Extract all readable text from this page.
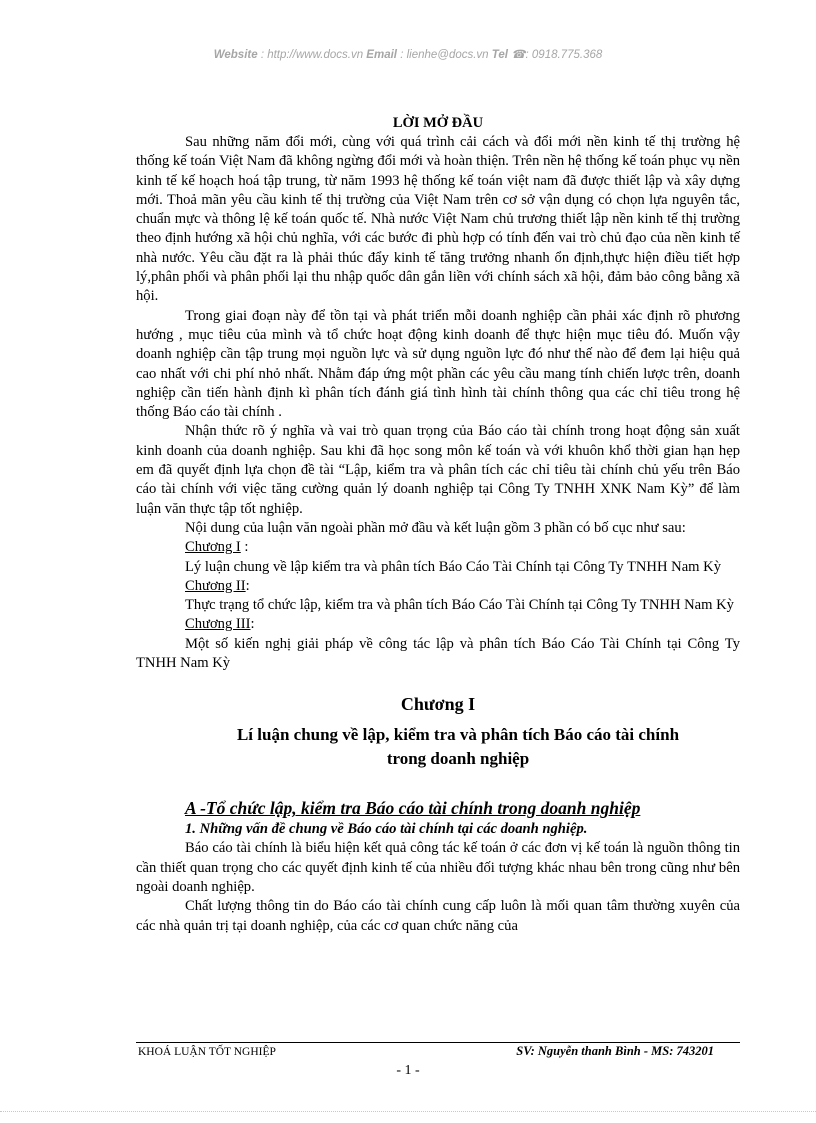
Website : http://www.docs.vn Email : lienhe@docs.vn Tel ☎: 0918.775.368

LỜI MỞ ĐẦU

Sau những năm đổi mới, cùng với quá trình cải cách và đổi mới nền kinh tế thị trường hệ thống kế toán Việt Nam đã không ngừng đổi mới và hoàn thiện. Trên nền hệ thống kế toán phục vụ nền kinh tế kế hoạch hoá tập trung, từ năm 1993 hệ thống kế toán việt nam đã được thiết lập và xây dựng mới. Thoả mãn yêu cầu kinh tế thị trường của Việt Nam trên cơ sở vận dụng có chọn lựa nguyên tắc, chuẩn mực và thông lệ kế toán quốc tế. Nhà nước Việt Nam chủ trương thiết lập nền kinh tế thị trường theo định hướng xã hội chủ nghĩa, với các bước đi phù hợp có tính đến vai trò chủ đạo của nền kinh tế nhà nước. Yêu cầu đặt ra là phải thúc đẩy kinh tế tăng trưởng nhanh ổn định,thực hiện điều tiết hợp lý,phân phối và phân phối lại thu nhập quốc dân gắn liền với chính sách xã hội, đảm bảo công bằng xã hội.

Trong giai đoạn này để tồn tại và phát triển mỗi doanh nghiệp cần phải xác định rõ phương hướng , mục tiêu của mình và tổ chức hoạt động kinh doanh để thực hiện mục tiêu đó. Muốn vậy doanh nghiệp cần tập trung mọi nguồn lực và sử dụng nguồn lực đó như thế nào để đem lại hiệu quả cao nhất với chi phí nhỏ nhất. Nhằm đáp ứng một phần các yêu cầu mang tính chiến lược trên, doanh nghiệp cần tiến hành định kì phân tích đánh giá tình hình tài chính thông qua các chỉ tiêu trong hệ thống Báo cáo tài chính .

Nhận thức rõ ý nghĩa và vai trò quan trọng của Báo cáo tài chính trong hoạt động sản xuất kinh doanh của doanh nghiệp. Sau khi đã học song môn kế toán và với khuôn khổ thời gian hạn hẹp em đã quyết định lựa chọn đề tài “Lập, kiểm tra và phân tích các chỉ tiêu tài chính chủ yếu trên Báo cáo tài chính với việc tăng cường quản lý doanh nghiệp tại Công Ty TNHH XNK Nam Kỳ” để làm luận văn thực tập tốt nghiệp.

Nội dung của luận văn ngoài phần mở đầu và kết luận gồm 3 phần có bố cục như sau:

Chương I :

Lý luận chung về lập kiểm tra và phân tích Báo Cáo Tài Chính tại Công Ty TNHH Nam Kỳ

Chương II:

Thực trạng tổ chức lập, kiểm tra và phân tích Báo Cáo Tài Chính tại Công Ty TNHH Nam Kỳ

Chương III:

Một số kiến nghị giải pháp về công tác lập và phân tích Báo Cáo Tài Chính tại Công Ty TNHH Nam Kỳ

Chương I

Lí luận chung về lập, kiểm tra và phân tích Báo cáo tài chính
trong doanh nghiệp

A -Tổ chức lập, kiểm tra Báo cáo tài chính trong doanh nghiệp

1. Những vấn đề chung về Báo cáo tài chính tại các doanh nghiệp.

Báo cáo tài chính là biểu hiện kết quả công tác kế toán ở các đơn vị kế toán là nguồn thông tin cần thiết quan trọng cho các quyết định kinh tế của nhiều đối tượng khác nhau bên trong cũng như bên ngoài doanh nghiệp.

Chất lượng thông tin do Báo cáo tài chính cung cấp luôn là mối quan tâm thường xuyên của các nhà quản trị tại doanh nghiệp, của các cơ quan chức năng của

KHOÁ LUẬN TỐT NGHIỆP	SV: Nguyễn thanh Bình - MS: 743201
- 1 -
